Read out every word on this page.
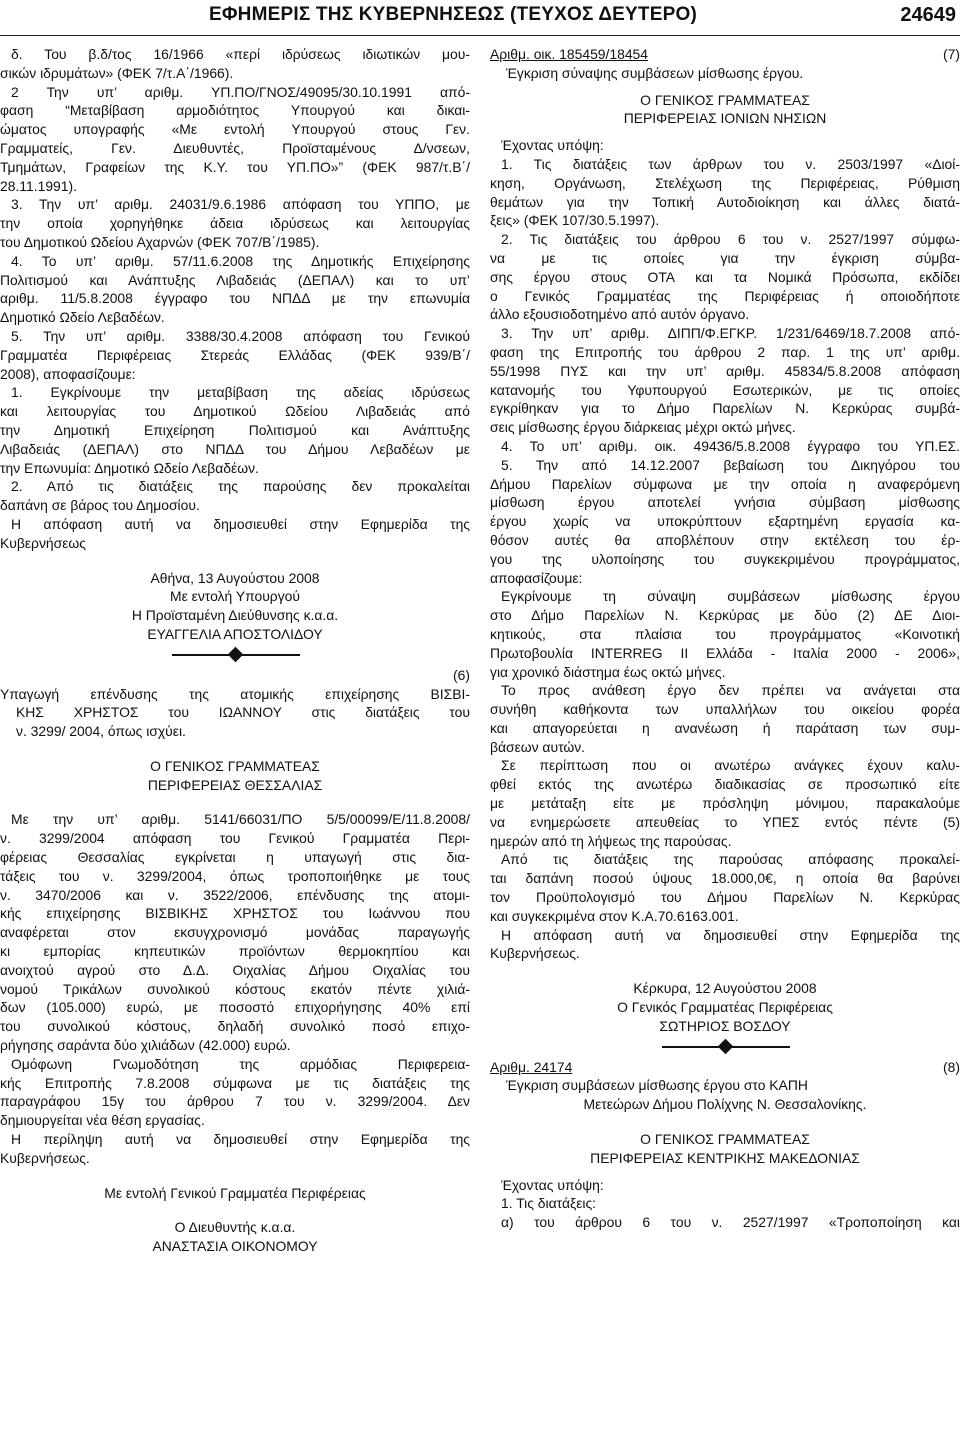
ΕΦΗΜΕΡΙΣ ΤΗΣ ΚΥΒΕΡΝΗΣΕΩΣ (ΤΕΥΧΟΣ ΔΕΥΤΕΡΟ)	24649
δ. Του β.δ/τος 16/1966 «περί ιδρύσεως ιδιωτικών μου-
σικών ιδρυμάτων» (ΦΕΚ 7/τ.Α΄/1966).
2 Την υπ’ αριθμ. ΥΠ.ΠΟ/ΓΝΟΣ/49095/30.10.1991 από-
φαση “Μεταβίβαση αρμοδιότητος Υπουργού και δικαι-
ώματος υπογραφής «Με εντολή Υπουργού στους Γεν.
Γραμματείς, Γεν. Διευθυντές, Προϊσταμένους Δ/νσεων,
Τμημάτων, Γραφείων της Κ.Υ. του ΥΠ.ΠΟ»” (ΦΕΚ 987/τ.Β΄/
28.11.1991).
3. Την υπ’ αριθμ. 24031/9.6.1986 απόφαση του ΥΠΠΟ, με
την οποία χορηγήθηκε άδεια ιδρύσεως και λειτουργίας
του Δημοτικού Ωδείου Αχαρνών (ΦΕΚ 707/Β΄/1985).
4. Το υπ’ αριθμ. 57/11.6.2008 της Δημοτικής Επιχείρησης
Πολιτισμού και Ανάπτυξης Λιβαδειάς (ΔΕΠΑΛ) και το υπ’
αριθμ. 11/5.8.2008 έγγραφο του ΝΠΔΔ με την επωνυμία
Δημοτικό Ωδείο Λεβαδέων.
5. Την υπ’ αριθμ. 3388/30.4.2008 απόφαση του Γενικού
Γραμματέα Περιφέρειας Στερεάς Ελλάδας (ΦΕΚ 939/Β΄/
2008), αποφασίζουμε:
1. Εγκρίνουμε την μεταβίβαση της αδείας ιδρύσεως
και λειτουργίας του Δημοτικού Ωδείου Λιβαδειάς από
την Δημοτική Επιχείρηση Πολιτισμού και Ανάπτυξης
Λιβαδειάς (ΔΕΠΑΛ) στο ΝΠΔΔ του Δήμου Λεβαδέων με
την Επωνυμία: Δημοτικό Ωδείο Λεβαδέων.
2. Από τις διατάξεις της παρούσης δεν προκαλείται
δαπάνη σε βάρος του Δημοσίου.
Η απόφαση αυτή να δημοσιευθεί στην Εφημερίδα της
Κυβερνήσεως
Αθήνα, 13 Αυγούστου 2008
Με εντολή Υπουργού
Η Προϊσταμένη Διεύθυνσης κ.α.α.
ΕΥΑΓΓΕΛΙΑ ΑΠΟΣΤΟΛΙΔΟΥ
(6)
Υπαγωγή επένδυσης της ατομικής επιχείρησης ΒΙΣΒΙ-
ΚΗΣ ΧΡΗΣΤΟΣ του ΙΩΑΝΝΟΥ στις διατάξεις του
ν. 3299/ 2004, όπως ισχύει.
Ο ΓΕΝΙΚΟΣ ΓΡΑΜΜΑΤΕΑΣ
ΠΕΡΙΦΕΡΕΙΑΣ ΘΕΣΣΑΛΙΑΣ
Με την υπ’ αριθμ. 5141/66031/ΠΟ 5/5/00099/Ε/11.8.2008/
ν. 3299/2004 απόφαση του Γενικού Γραμματέα Περι-
φέρειας Θεσσαλίας εγκρίνεται η υπαγωγή στις δια-
τάξεις του ν. 3299/2004, όπως τροποποιήθηκε με τους
ν. 3470/2006 και ν. 3522/2006, επένδυσης της ατομι-
κής επιχείρησης ΒΙΣΒΙΚΗΣ ΧΡΗΣΤΟΣ του Ιωάννου που
αναφέρεται στον εκσυγχρονισμό μονάδας παραγωγής
κι εμπορίας κηπευτικών προϊόντων θερμοκηπίου και
ανοιχτού αγρού στο Δ.Δ. Οιχαλίας Δήμου Οιχαλίας του
νομού Τρικάλων συνολικού κόστους εκατόν πέντε χιλιά-
δων (105.000) ευρώ, με ποσοστό επιχορήγησης 40% επί
του συνολικού κόστους, δηλαδή συνολικό ποσό επιχο-
ρήγησης σαράντα δύο χιλιάδων (42.000) ευρώ.
Ομόφωνη Γνωμοδότηση της αρμόδιας Περιφερεια-
κής Επιτροπής 7.8.2008 σύμφωνα με τις διατάξεις της
παραγράφου 15γ του άρθρου 7 του ν. 3299/2004. Δεν
δημιουργείται νέα θέση εργασίας.
Η περίληψη αυτή να δημοσιευθεί στην Εφημερίδα της
Κυβερνήσεως.
Με εντολή Γενικού Γραμματέα Περιφέρειας
Ο Διευθυντής κ.α.α.
ΑΝΑΣΤΑΣΙΑ ΟΙΚΟΝΟΜΟΥ
Αριθμ. οικ. 185459/18454	(7)
Έγκριση σύναψης συμβάσεων μίσθωσης έργου.
Ο ΓΕΝΙΚΟΣ ΓΡΑΜΜΑΤΕΑΣ
ΠΕΡΙΦΕΡΕΙΑΣ ΙΟΝΙΩΝ ΝΗΣΙΩΝ
Έχοντας υπόψη:
1. Τις διατάξεις των άρθρων του ν. 2503/1997 «Διοί-
κηση, Οργάνωση, Στελέχωση της Περιφέρειας, Ρύθμιση
θεμάτων για την Τοπική Αυτοδιοίκηση και άλλες διατά-
ξεις» (ΦΕΚ 107/30.5.1997).
2. Τις διατάξεις του άρθρου 6 του ν. 2527/1997 σύμφω-
να με τις οποίες για την έγκριση σύμβα-
σης έργου στους ΟΤΑ και τα Νομικά Πρόσωπα, εκδίδει
ο Γενικός Γραμματέας της Περιφέρειας ή οποιοδήποτε
άλλο εξουσιοδοτημένο από αυτόν όργανο.
3. Την υπ’ αριθμ. ΔΙΠΠ/Φ.ΕΓΚΡ. 1/231/6469/18.7.2008 από-
φαση της Επιτροπής του άρθρου 2 παρ. 1 της υπ’ αριθμ.
55/1998 ΠΥΣ και την υπ’ αριθμ. 45834/5.8.2008 απόφαση
κατανομής του Υφυπουργού Εσωτερικών, με τις οποίες
εγκρίθηκαν για το Δήμο Παρελίων Ν. Κερκύρας συμβά-
σεις μίσθωσης έργου διάρκειας μέχρι οκτώ μήνες.
4. Το υπ’ αριθμ. οικ. 49436/5.8.2008 έγγραφο του ΥΠ.ΕΣ.
5. Την από 14.12.2007 βεβαίωση του Δικηγόρου του
Δήμου Παρελίων σύμφωνα με την οποία η αναφερόμενη
μίσθωση έργου αποτελεί γνήσια σύμβαση μίσθωσης
έργου χωρίς να υποκρύπτουν εξαρτημένη εργασία κα-
θόσον αυτές θα αποβλέπουν στην εκτέλεση του έρ-
γου της υλοποίησης του συγκεκριμένου προγράμματος,
αποφασίζουμε:
Εγκρίνουμε τη σύναψη συμβάσεων μίσθωσης έργου
στο Δήμο Παρελίων Ν. Κερκύρας με δύο (2) ΔΕ Διοι-
κητικούς, στα πλαίσια του προγράμματος «Κοινοτική
Πρωτοβουλία INTERREG ΙΙ Ελλάδα - Ιταλία 2000 - 2006»,
για χρονικό διάστημα έως οκτώ μήνες.
Το προς ανάθεση έργο δεν πρέπει να ανάγεται στα
συνήθη καθήκοντα των υπαλλήλων του οικείου φορέα
και απαγορεύεται η ανανέωση ή παράταση των συμ-
βάσεων αυτών.
Σε περίπτωση που οι ανωτέρω ανάγκες έχουν καλυ-
φθεί εκτός της ανωτέρω διαδικασίας σε προσωπικό είτε
με μετάταξη είτε με πρόσληψη μόνιμου, παρακαλούμε
να ενημερώσετε απευθείας το ΥΠΕΣ εντός πέντε (5)
ημερών από τη λήψεως της παρούσας.
Από τις διατάξεις της παρούσας απόφασης προκαλεί-
ται δαπάνη ποσού ύψους 18.000,0€, η οποία θα βαρύνει
τον Προϋπολογισμό του Δήμου Παρελίων Ν. Κερκύρας
και συγκεκριμένα στον Κ.Α.70.6163.001.
Η απόφαση αυτή να δημοσιευθεί στην Εφημερίδα της
Κυβερνήσεως.
Κέρκυρα, 12 Αυγούστου 2008
Ο Γενικός Γραμματέας Περιφέρειας
ΣΩΤΗΡΙΟΣ ΒΟΣΔΟΥ
Αριθμ. 24174	(8)
Έγκριση συμβάσεων μίσθωσης έργου στο ΚΑΠΗ
Μετεώρων Δήμου Πολίχνης Ν. Θεσσαλονίκης.
Ο ΓΕΝΙΚΟΣ ΓΡΑΜΜΑΤΕΑΣ
ΠΕΡΙΦΕΡΕΙΑΣ ΚΕΝΤΡΙΚΗΣ ΜΑΚΕΔΟΝΙΑΣ
Έχοντας υπόψη:
1. Τις διατάξεις:
α) του άρθρου 6 του ν. 2527/1997 «Τροποποίηση και
